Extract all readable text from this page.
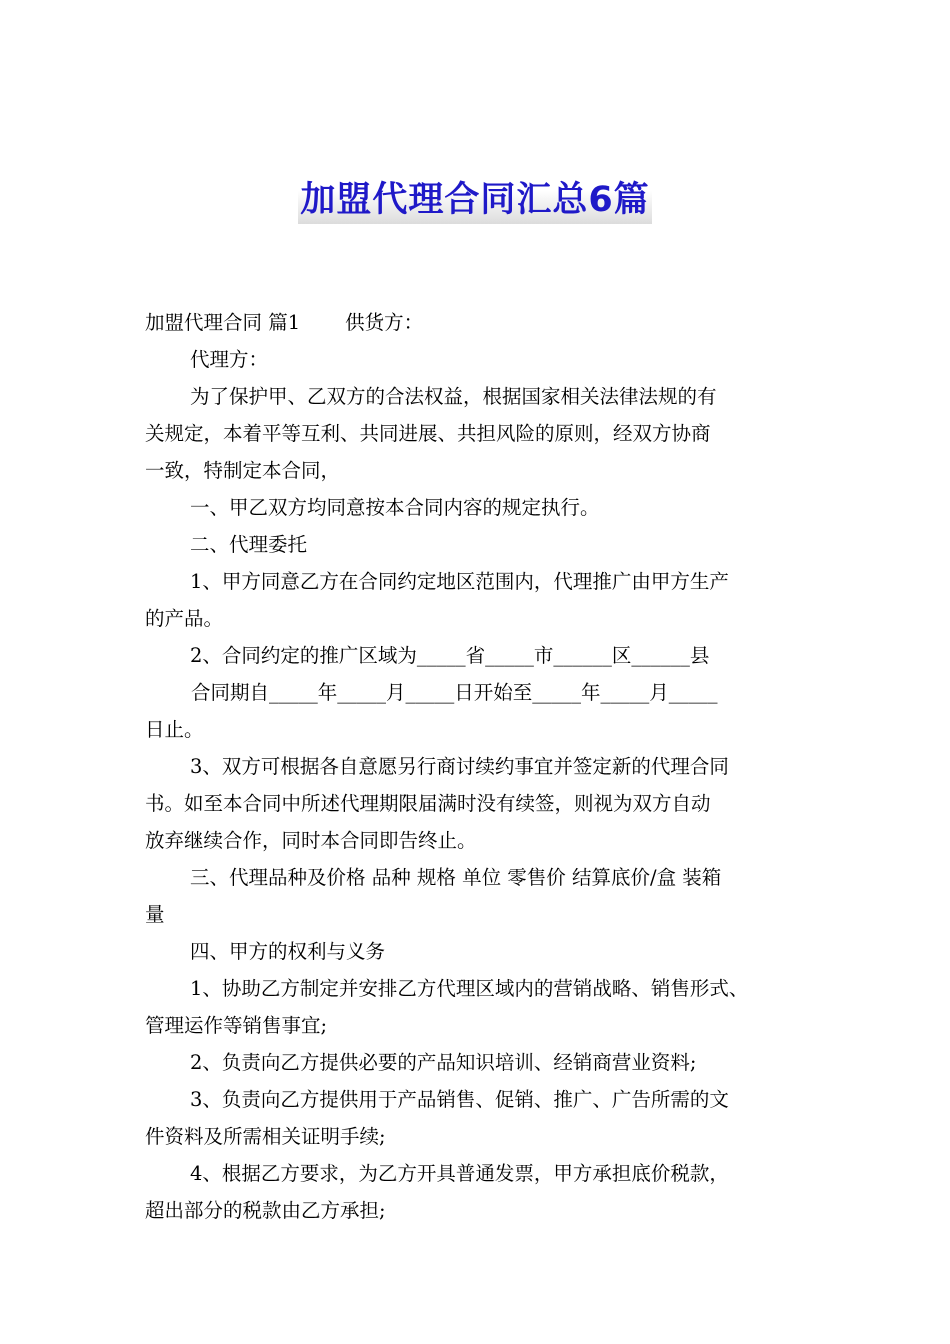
加盟代理合同汇总6篇
加盟代理合同 篇1 供货方：
代理方：
为了保护甲、乙双方的合法权益，根据国家相关法律法规的有
关规定，本着平等互利、共同进展、共担风险的原则，经双方协商
一致，特制定本合同，
一、甲乙双方均同意按本合同内容的规定执行。
二、代理委托
1、甲方同意乙方在合同约定地区范围内，代理推广由甲方生产
的产品。
2、合同约定的推广区域为_____省_____市______区______县
合同期自_____年_____月_____日开始至_____年_____月_____
日止。
3、双方可根据各自意愿另行商讨续约事宜并签定新的代理合同
书。如至本合同中所述代理期限届满时没有续签，则视为双方自动
放弃继续合作，同时本合同即告终止。
三、代理品种及价格 品种 规格 单位 零售价 结算底价/盒 装箱
量
四、甲方的权利与义务
1、协助乙方制定并安排乙方代理区域内的营销战略、销售形式、
管理运作等销售事宜;
2、负责向乙方提供必要的产品知识培训、经销商营业资料;
3、负责向乙方提供用于产品销售、促销、推广、广告所需的文
件资料及所需相关证明手续;
4、根据乙方要求，为乙方开具普通发票，甲方承担底价税款，
超出部分的税款由乙方承担;
